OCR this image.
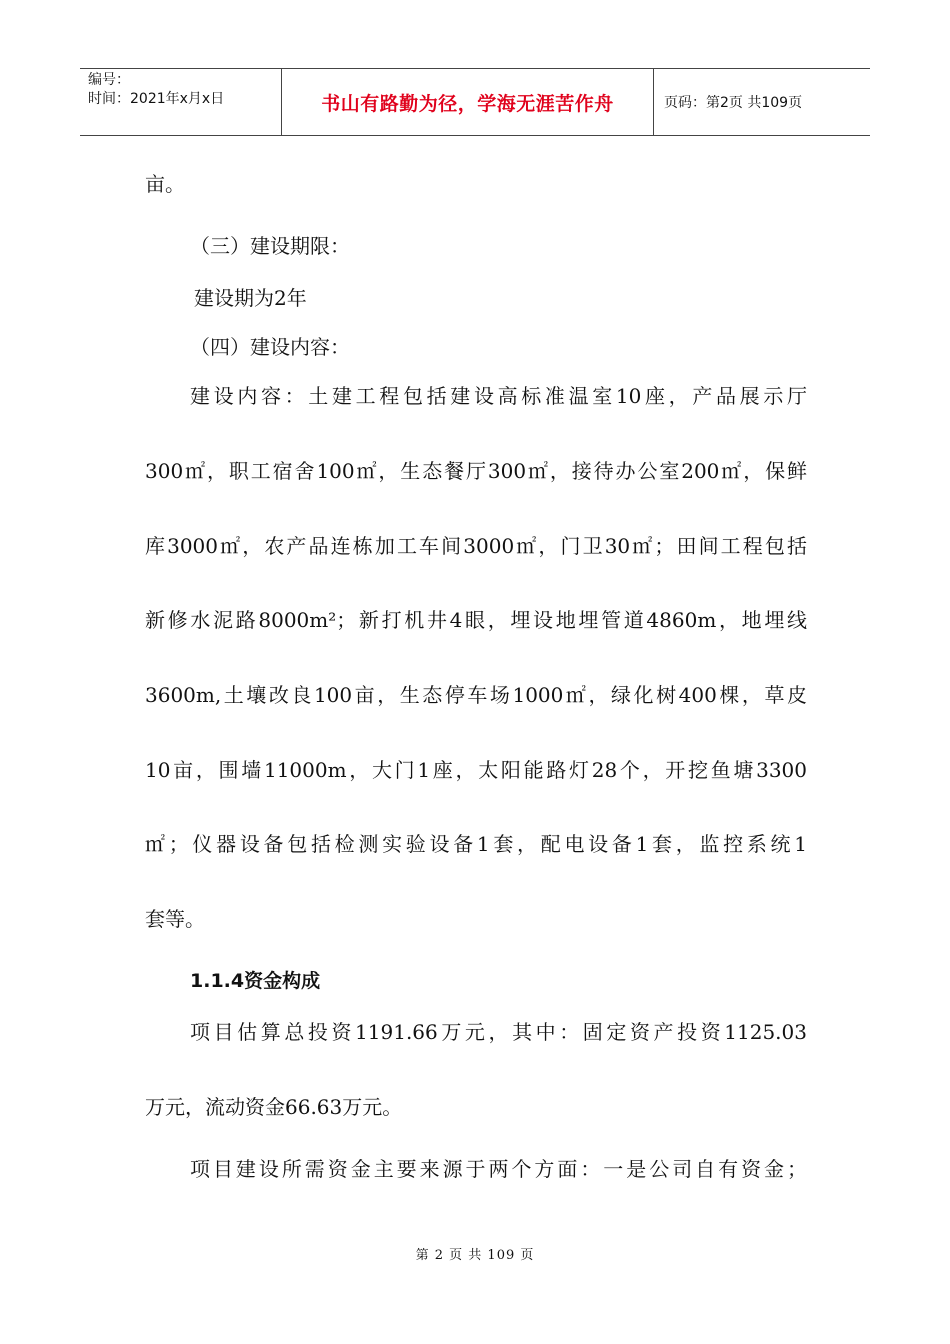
编号：
时间：2021年x月x日	书山有路勤为径，学海无涯苦作舟	页码：第2页 共109页
亩。
（三）建设期限：
建设期为2年
（四）建设内容：
建设内容：土建工程包括建设高标准温室10座，产品展示厅
300㎡，职工宿舍100㎡，生态餐厅300㎡，接待办公室200㎡，保鲜
库3000㎡，农产品连栋加工车间3000㎡，门卫30㎡；田间工程包括
新修水泥路8000m²；新打机井4眼，埋设地埋管道4860m，地埋线
3600m,土壤改良100亩，生态停车场1000㎡，绿化树400棵，草皮
10亩，围墙11000m，大门1座，太阳能路灯28个，开挖鱼塘3300
㎡；仪器设备包括检测实验设备1套，配电设备1套，监控系统1
套等。
1.1.4资金构成
项目估算总投资1191.66万元，其中：固定资产投资1125.03
万元，流动资金66.63万元。
项目建设所需资金主要来源于两个方面：一是公司自有资金；
第 2 页 共 109 页
